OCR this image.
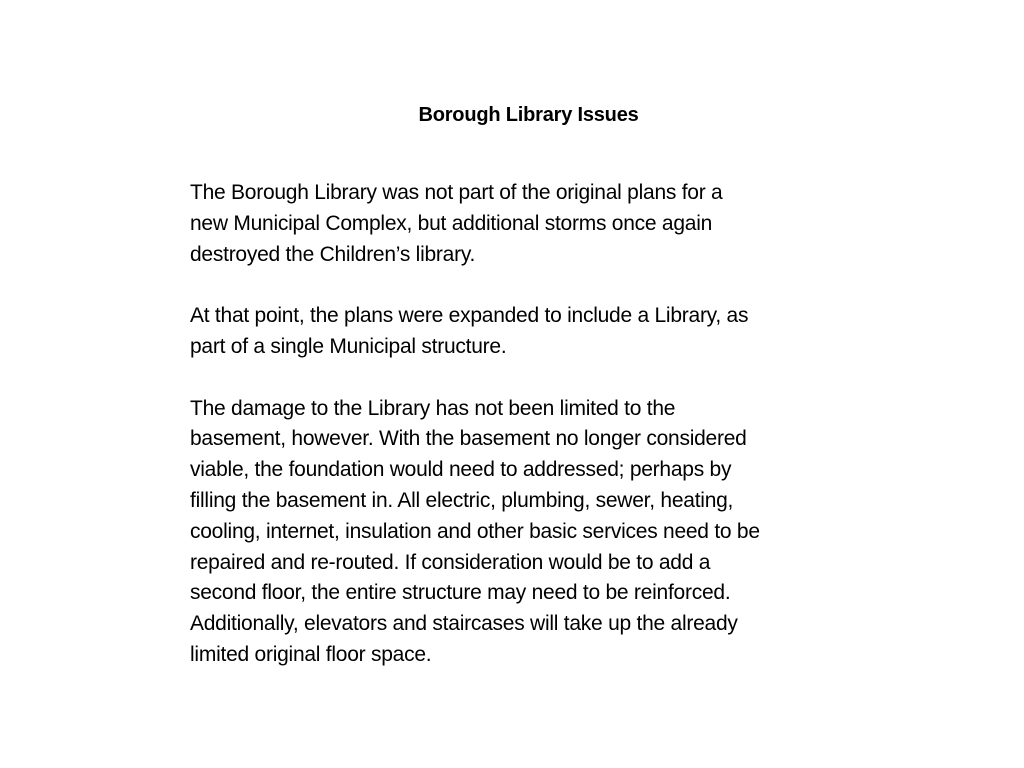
Borough Library Issues

The Borough Library was not part of the original plans for a
new Municipal Complex, but additional storms once again
destroyed the Children’s library.

At that point, the plans were expanded to include a Library, as
part of a single Municipal structure.

The damage to the Library has not been limited to the
basement, however. With the basement no longer considered
viable, the foundation would need to addressed; perhaps by
filling the basement in. All electric, plumbing, sewer, heating,
cooling, internet, insulation and other basic services need to be
repaired and re-routed. If consideration would be to add a
second floor, the entire structure may need to be reinforced.
Additionally, elevators and staircases will take up the already
limited original floor space.
